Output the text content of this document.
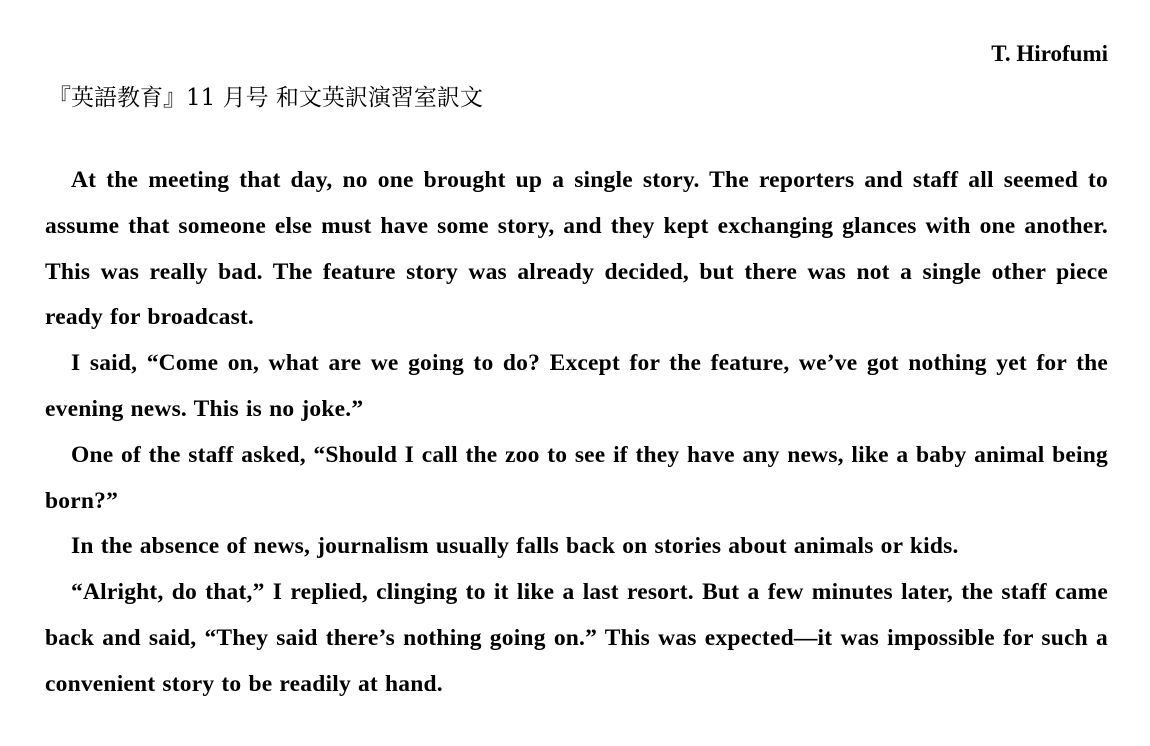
T. Hirofumi
『英語教育』11 月号 和文英訳演習室訳文

At the meeting that day, no one brought up a single story. The reporters and staff all seemed to assume that someone else must have some story, and they kept exchanging glances with one another. This was really bad. The feature story was already decided, but there was not a single other piece ready for broadcast.

I said, “Come on, what are we going to do? Except for the feature, we’ve got nothing yet for the evening news. This is no joke.”

One of the staff asked, “Should I call the zoo to see if they have any news, like a baby animal being born?”

In the absence of news, journalism usually falls back on stories about animals or kids.

“Alright, do that,” I replied, clinging to it like a last resort. But a few minutes later, the staff came back and said, “They said there’s nothing going on.” This was expected—it was impossible for such a convenient story to be readily at hand.
